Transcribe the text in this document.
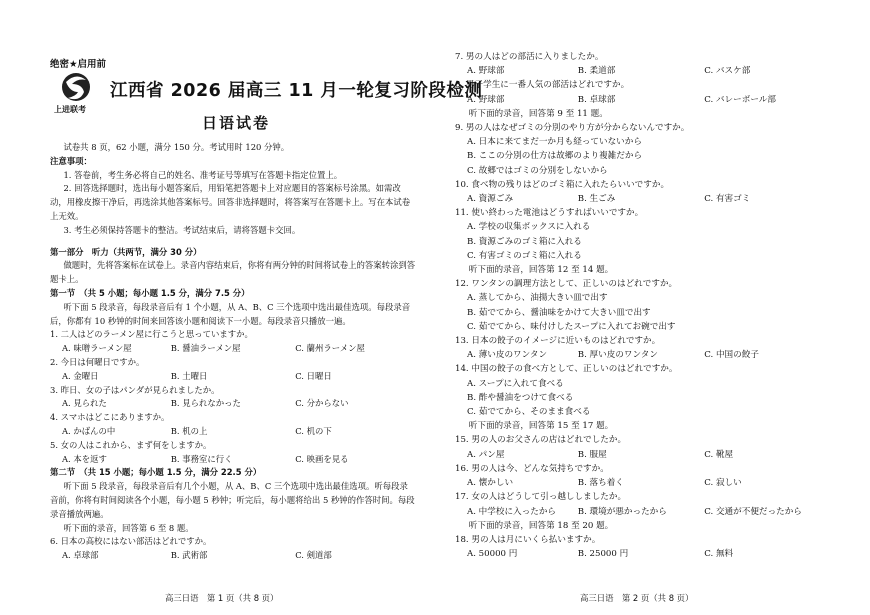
绝密★启用前
上进联考
江西省 2026 届高三 11 月一轮复习阶段检测
日语试卷

试卷共 8 页，62 小题，满分 150 分。考试用时 120 分钟。

注意事项：

1. 答卷前，考生务必将自己的姓名、准考证号等填写在答题卡指定位置上。

2. 回答选择题时，选出每小题答案后，用铅笔把答题卡上对应题目的答案标号涂黑。如需改动，用橡皮擦干净后，再选涂其他答案标号。回答非选择题时，将答案写在答题卡上。写在本试卷上无效。

3. 考生必须保持答题卡的整洁。考试结束后，请将答题卡交回。

第一部分　听力（共两节，满分 30 分）

做题时，先将答案标在试卷上。录音内容结束后，你将有两分钟的时间将试卷上的答案转涂到答题卡上。

第一节　（共 5 小题；每小题 1.5 分，满分 7.5 分）

听下面 5 段录音，每段录音后有 1 个小题，从 A、B、C 三个选项中选出最佳选项。每段录音后，你都有 10 秒钟的时间来回答该小题和阅读下一小题。每段录音只播放一遍。

1. 二人はどのラーメン屋に行こうと思っていますか。

A. 味噌ラーメン屋	B. 醤油ラーメン屋	C. 蘭州ラーメン屋

2. 今日は何曜日ですか。

A. 金曜日	B. 土曜日	C. 日曜日

3. 昨日、女の子はパンダが見られましたか。

A. 見られた	B. 見られなかった	C. 分からない

4. スマホはどこにありますか。

A. かばんの中	B. 机の上	C. 机の下

5. 女の人はこれから、まず何をしますか。

A. 本を返す	B. 事務室に行く	C. 映画を見る

第二节　（共 15 小题；每小题 1.5 分，满分 22.5 分）

听下面 5 段录音，每段录音后有几个小题，从 A、B、C 三个选项中选出最佳选项。听每段录音前，你将有时间阅读各个小题，每小题 5 秒钟；听完后，每小题将给出 5 秒钟的作答时间。每段录音播放两遍。

听下面的录音，回答第 6 至 8 题。

6. 日本の高校にはない部活はどれですか。

A. 卓球部	B. 武術部	C. 剣道部

7. 男の人はどの部活に入りましたか。

A. 野球部	B. 柔道部	C. バスケ部

8. 男子学生に一番人気の部活はどれですか。

A. 野球部	B. 卓球部	C. バレーボール部

听下面的录音，回答第 9 至 11 题。

9. 男の人はなぜゴミの分別のやり方が分からないんですか。

A. 日本に来てまだ一か月も経っていないから

B. ここの分別の仕方は故郷のより複雑だから

C. 故郷ではゴミの分別をしないから

10. 食べ物の残りはどのゴミ箱に入れたらいいですか。

A. 資源ごみ	B. 生ごみ	C. 有害ゴミ

11. 使い終わった電池はどうすればいいですか。

A. 学校の収集ボックスに入れる

B. 資源ごみのゴミ箱に入れる

C. 有害ゴミのゴミ箱に入れる

听下面的录音，回答第 12 至 14 题。

12. ワンタンの調理方法として、正しいのはどれですか。

A. 蒸してから、油揚大きい皿で出す

B. 茹でてから、醤油味をかけて大きい皿で出す

C. 茹でてから、味付けしたスープに入れてお碗で出す

13. 日本の餃子のイメージに近いものはどれですか。

A. 薄い皮のワンタン	B. 厚い皮のワンタン	C. 中国の餃子

14. 中国の餃子の食べ方として、正しいのはどれですか。

A. スープに入れて食べる

B. 酢や醤油をつけて食べる

C. 茹でてから、そのまま食べる

听下面的录音，回答第 15 至 17 题。

15. 男の人のお父さんの店はどれでしたか。

A. パン屋	B. 服屋	C. 靴屋

16. 男の人は今、どんな気持ちですか。

A. 懐かしい	B. 落ち着く	C. 寂しい

17. 女の人はどうして引っ越ししましたか。

A. 中学校に入ったから	B. 環境が悪かったから	C. 交通が不便だったから

听下面的录音，回答第 18 至 20 题。

18. 男の人は月にいくら払いますか。

A. 50000 円	B. 25000 円	C. 無料
高三日语　第 1 页（共 8 页）	高三日语　第 2 页（共 8 页）
